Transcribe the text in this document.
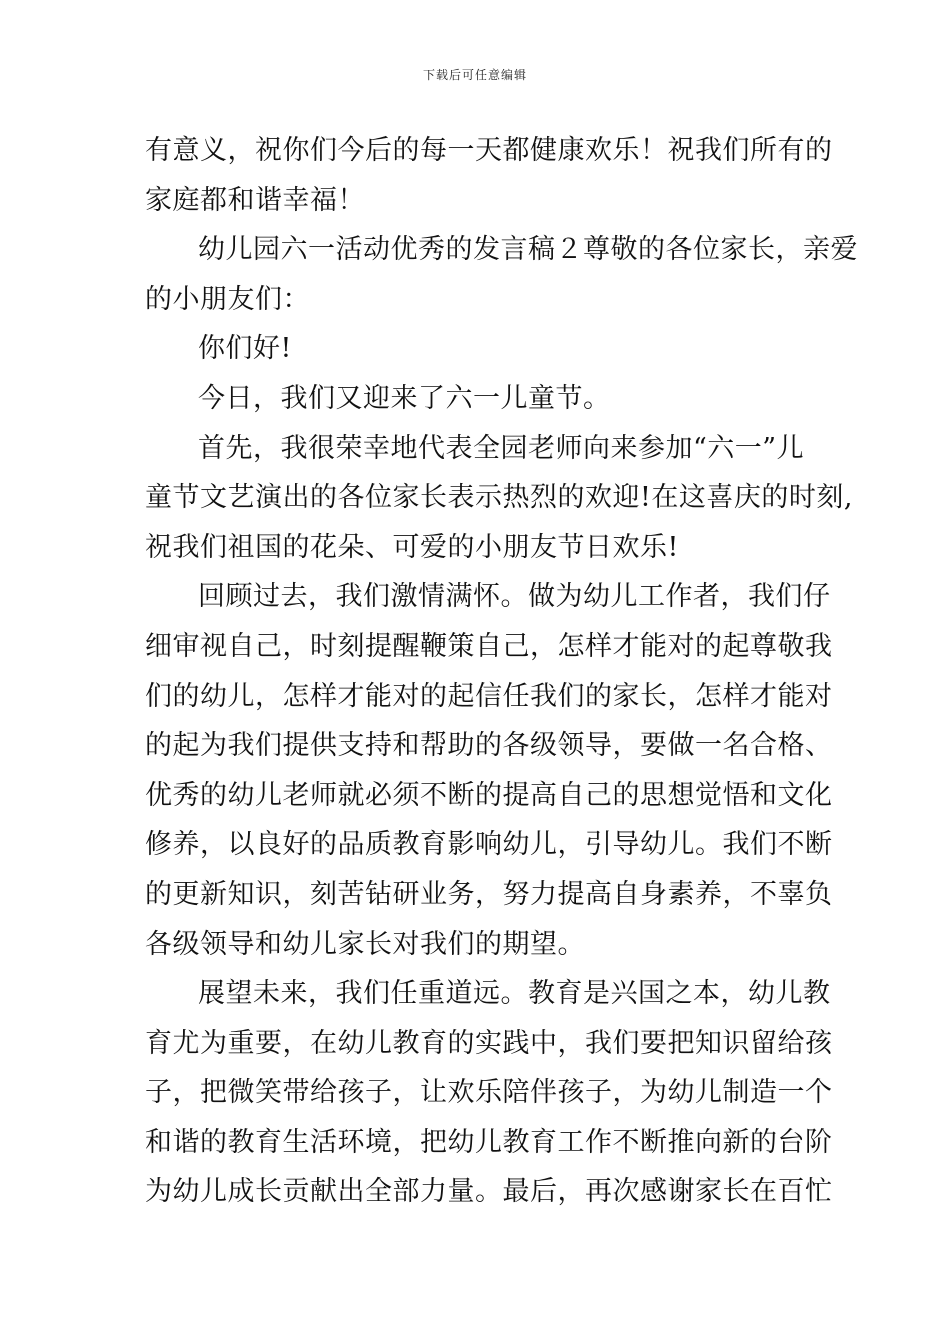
下载后可任意编辑
有意义，祝你们今后的每一天都健康欢乐！祝我们所有的
家庭都和谐幸福！
幼儿园六一活动优秀的发言稿２尊敬的各位家长，亲爱
的小朋友们：
你们好!
今日，我们又迎来了六一儿童节。
首先，我很荣幸地代表全园老师向来参加“六一”儿
童节文艺演出的各位家长表示热烈的欢迎!在这喜庆的时刻,
祝我们祖国的花朵、可爱的小朋友节日欢乐!
回顾过去，我们激情满怀。做为幼儿工作者，我们仔
细审视自己，时刻提醒鞭策自己，怎样才能对的起尊敬我
们的幼儿，怎样才能对的起信任我们的家长，怎样才能对
的起为我们提供支持和帮助的各级领导，要做一名合格、
优秀的幼儿老师就必须不断的提高自己的思想觉悟和文化
修养，以良好的品质教育影响幼儿，引导幼儿。我们不断
的更新知识，刻苦钻研业务，努力提高自身素养，不辜负
各级领导和幼儿家长对我们的期望。
展望未来，我们任重道远。教育是兴国之本，幼儿教
育尤为重要，在幼儿教育的实践中，我们要把知识留给孩
子，把微笑带给孩子，让欢乐陪伴孩子，为幼儿制造一个
和谐的教育生活环境，把幼儿教育工作不断推向新的台阶
为幼儿成长贡献出全部力量。最后，再次感谢家长在百忙
